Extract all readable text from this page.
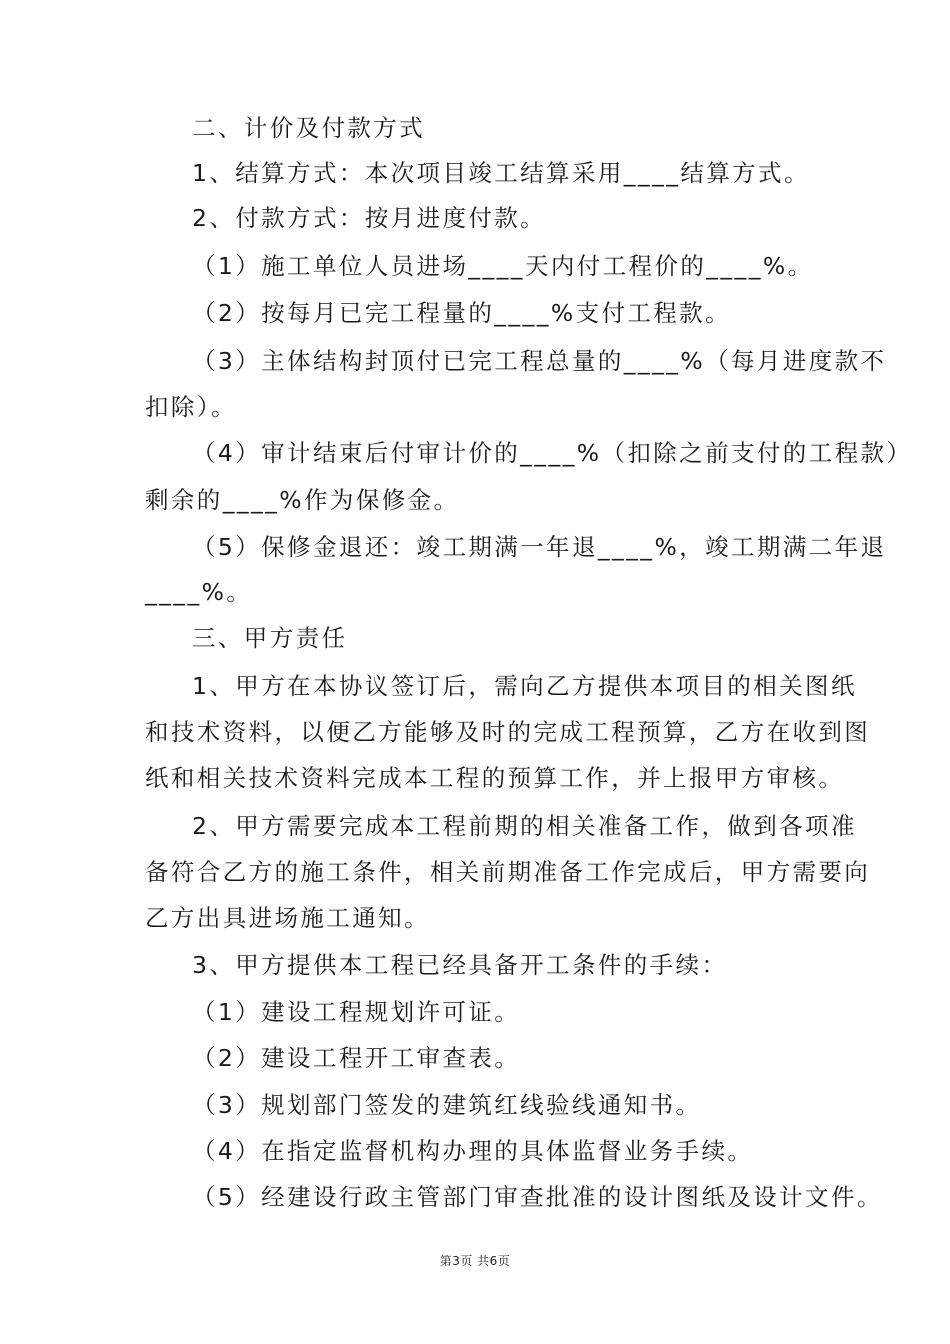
二、计价及付款方式
1、结算方式：本次项目竣工结算采用____结算方式。
2、付款方式：按月进度付款。
（1）施工单位人员进场____天内付工程价的____%。
（2）按每月已完工程量的____%支付工程款。
（3）主体结构封顶付已完工程总量的____%（每月进度款不
扣除）。
（4）审计结束后付审计价的____%（扣除之前支付的工程款）
剩余的____%作为保修金。
（5）保修金退还：竣工期满一年退____%，竣工期满二年退
____%。
三、甲方责任
1、甲方在本协议签订后，需向乙方提供本项目的相关图纸
和技术资料，以便乙方能够及时的完成工程预算，乙方在收到图
纸和相关技术资料完成本工程的预算工作，并上报甲方审核。
2、甲方需要完成本工程前期的相关准备工作，做到各项准
备符合乙方的施工条件，相关前期准备工作完成后，甲方需要向
乙方出具进场施工通知。
3、甲方提供本工程已经具备开工条件的手续：
（1）建设工程规划许可证。
（2）建设工程开工审查表。
（3）规划部门签发的建筑红线验线通知书。
（4）在指定监督机构办理的具体监督业务手续。
（5）经建设行政主管部门审查批准的设计图纸及设计文件。
第3页 共6页
